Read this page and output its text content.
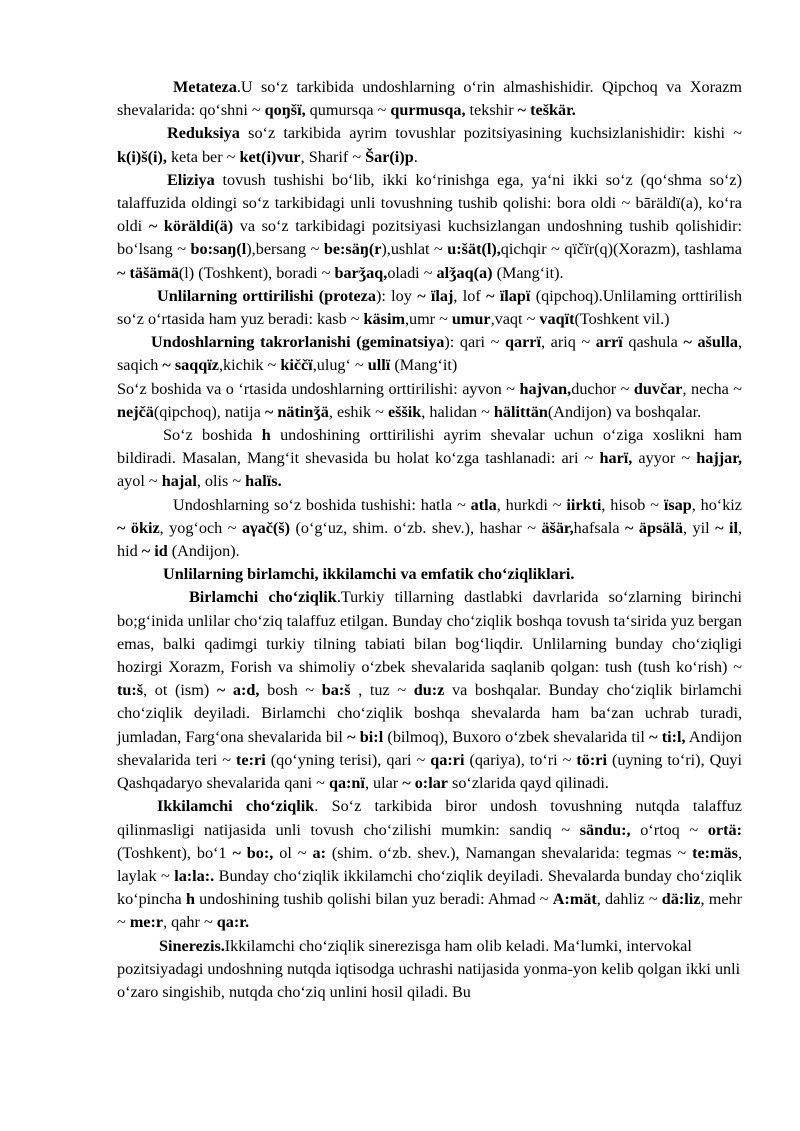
Metateza.U so‘z tarkibida undoshlarning o‘rin almashishidir. Qipchoq va Xorazm shevalarida: qo‘shni ~ qoŋšï, qumursqa ~ qurmusqa, tekshir ~ teškär.

Reduksiya so‘z tarkibida ayrim tovushlar pozitsiyasining kuchsizlanishidir: kishi ~ k(i)š(i), keta ber ~ ket(i)vur, Sharif ~ Šar(i)p.

Eliziya tovush tushishi bo‘lib, ikki ko‘rinishga ega, ya‘ni ikki so‘z (qo‘shma so‘z) talaffuzida oldingi so‘z tarkibidagi unli tovushning tushib qolishi: bora oldi ~ bāräldï(a), ko‘ra oldi ~ köräldi(ä) va so‘z tarkibidagi pozitsiyasi kuchsizlangan undoshning tushib qolishidir: bo‘lsang ~ bo:saŋ(l),bersang ~ be:säŋ(r),ushlat ~ u:šät(l),qichqir ~ qïčïr(q)(Xorazm), tashlama ~ täšämä(l) (Toshkent), boradi ~ barǯaq,oladi ~ alǯaq(a) (Mang‘it).

Unlilarning orttirilishi (proteza): loy ~ ïlaj, lof ~ ïlapï (qipchoq).Unlilaming orttirilish so‘z o‘rtasida ham yuz beradi: kasb ~ käsim,umr ~ umur,vaqt ~ vaqït(Toshkent vil.)

Undoshlarning takrorlanishi (geminatsiya): qari ~ qarrï, ariq ~ arrï qashula ~ ašulla, saqich ~ saqqïz,kichik ~ kiččï,ulug‘ ~ ullï (Mang‘it)

So‘z boshida va o ‘rtasida undoshlarning orttirilishi: ayvon ~ hajvan,duchor ~ duvčar, necha ~ nejčä(qipchoq), natija ~ nätinǯä, eshik ~ eššik, halidan ~ hälittän(Andijon) va boshqalar.

So‘z boshida h undoshining orttirilishi ayrim shevalar uchun o‘ziga xoslikni ham bildiradi. Masalan, Mang‘it shevasida bu holat ko‘zga tashlanadi: ari ~ harï, ayyor ~ hajjar, ayol ~ hajal, olis ~ halïs.

Undoshlarning so‘z boshida tushishi: hatla ~ atla, hurkdi ~ iirkti, hisob ~ ïsap, ho‘kiz ~ ökiz, yog‘och ~ aγač(š) (o‘g‘uz, shim. o‘zb. shev.), hashar ~ äšär,hafsala ~ äpsälä, yil ~ il, hid ~ id (Andijon).

Unlilarning birlamchi, ikkilamchi va emfatik cho‘ziqliklari.

Birlamchi cho‘ziqlik.Turkiy tillarning dastlabki davrlarida so‘zlarning birinchi bo;g‘inida unlilar cho‘ziq talaffuz etilgan. Bunday cho‘ziqlik boshqa tovush ta‘sirida yuz bergan emas, balki qadimgi turkiy tilning tabiati bilan bog‘liqdir. Unlilarning bunday cho‘ziqligi hozirgi Xorazm, Forish va shimoliy o‘zbek shevalarida saqlanib qolgan: tush (tush ko‘rish) ~ tu:š, ot (ism) ~ a:d, bosh ~ ba:š , tuz ~ du:z va boshqalar. Bunday cho‘ziqlik birlamchi cho‘ziqlik deyiladi. Birlamchi cho‘ziqlik boshqa shevalarda ham ba‘zan uchrab turadi, jumladan, Farg‘ona shevalarida bil ~ bi:l (bilmoq), Buxoro o‘zbek shevalarida til ~ ti:l, Andijon shevalarida teri ~ te:ri (qo‘yning terisi), qari ~ qa:ri (qariya), to‘ri ~ tö:ri (uyning to‘ri), Quyi Qashqadaryo shevalarida qani ~ qa:nï, ular ~ o:lar so‘zlarida qayd qilinadi.

Ikkilamchi cho‘ziqlik. So‘z tarkibida biror undosh tovushning nutqda talaffuz qilinmasligi natijasida unli tovush cho‘zilishi mumkin: sandiq ~ sändu:, o‘rtoq ~ ortä: (Toshkent), bo‘1 ~ bo:, ol ~ a: (shim. o‘zb. shev.), Namangan shevalarida: tegmas ~ te:mäs, laylak ~ la:la:. Bunday cho‘ziqlik ikkilamchi cho‘ziqlik deyiladi. Shevalarda bunday cho‘ziqlik ko‘pincha h undoshining tushib qolishi bilan yuz beradi: Ahmad ~ A:mät, dahliz ~ dä:liz, mehr ~ me:r, qahr ~ qa:r.

Sinerezis.Ikkilamchi cho‘ziqlik sinerezisga ham olib keladi. Ma‘lumki, intervokal pozitsiyadagi undoshning nutqda iqtisodga uchrashi natijasida yonma-yon kelib qolgan ikki unli o‘zaro singishib, nutqda cho‘ziq unlini hosil qiladi. Bu
